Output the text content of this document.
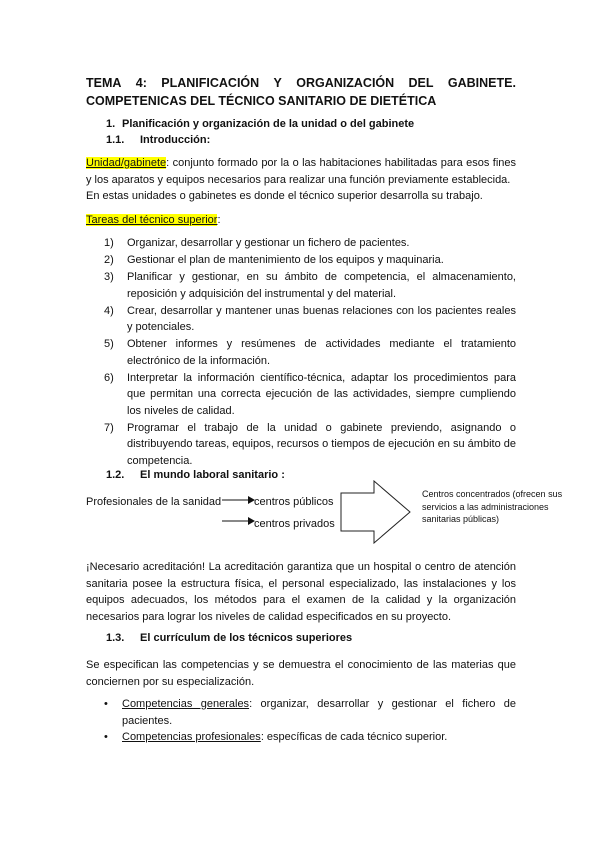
TEMA 4: PLANIFICACIÓN Y ORGANIZACIÓN DEL GABINETE.
COMPETENICAS DEL TÉCNICO SANITARIO DE DIETÉTICA
1. Planificación y organización de la unidad o del gabinete
1.1. Introducción:
Unidad/gabinete: conjunto formado por la o las habitaciones habilitadas para esos fines y los aparatos y equipos necesarios para realizar una función previamente establecida.
En estas unidades o gabinetes es donde el técnico superior desarrolla su trabajo.
Tareas del técnico superior:
1) Organizar, desarrollar y gestionar un fichero de pacientes.
2) Gestionar el plan de mantenimiento de los equipos y maquinaria.
3) Planificar y gestionar, en su ámbito de competencia, el almacenamiento, reposición y adquisición del instrumental y del material.
4) Crear, desarrollar y mantener unas buenas relaciones con los pacientes reales y potenciales.
5) Obtener informes y resúmenes de actividades mediante el tratamiento electrónico de la información.
6) Interpretar la información científico-técnica, adaptar los procedimientos para que permitan una correcta ejecución de las actividades, siempre cumpliendo los niveles de calidad.
7) Programar el trabajo de la unidad o gabinete previendo, asignando o distribuyendo tareas, equipos, recursos o tiempos de ejecución en su ámbito de competencia.
1.2. El mundo laboral sanitario :
Profesionales de la sanidad	centros públicos
centros privados
Centros concentrados (ofrecen sus servicios a las administraciones sanitarias públicas)
¡Necesario acreditación! La acreditación garantiza que un hospital o centro de atención sanitaria posee la estructura física, el personal especializado, las instalaciones y los equipos adecuados, los métodos para el examen de la calidad y la organización necesarios para lograr los niveles de calidad especificados en su proyecto.
1.3. El currículum de los técnicos superiores
Se especifican las competencias y se demuestra el conocimiento de las materias que conciernen por su especialización.
• Competencias generales: organizar, desarrollar y gestionar el fichero de pacientes.
• Competencias profesionales: específicas de cada técnico superior.
